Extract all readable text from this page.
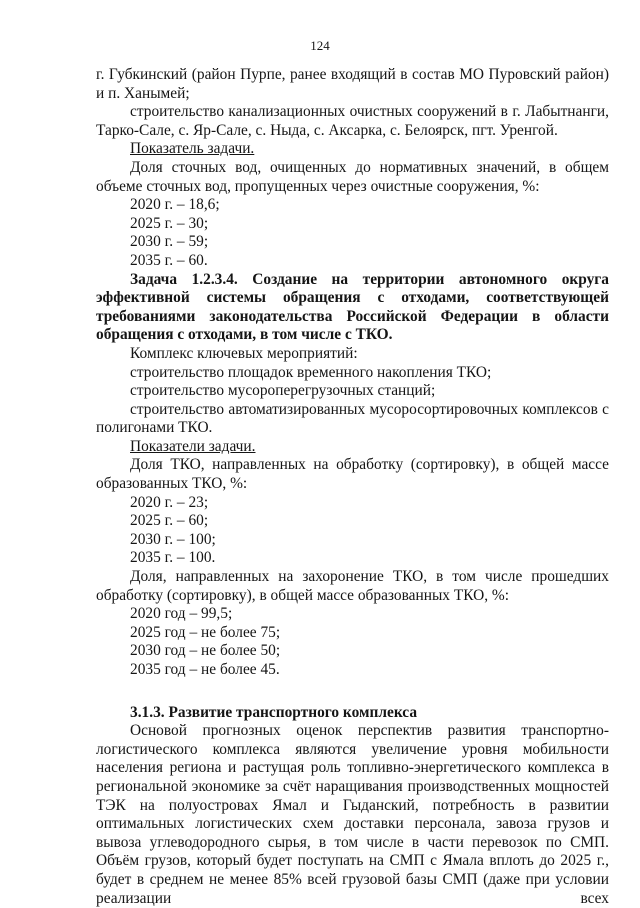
124

г. Губкинский (район Пурпе, ранее входящий в состав МО Пуровский район) и п. Ханымей;

строительство канализационных очистных сооружений в г. Лабытнанги, Тарко-Сале, с. Яр-Сале, с. Ныда, с. Аксарка, с. Белоярск, пгт. Уренгой.

Показатель задачи.

Доля сточных вод, очищенных до нормативных значений, в общем объеме сточных вод, пропущенных через очистные сооружения, %:

2020 г. – 18,6;

2025 г. – 30;

2030 г. – 59;

2035 г. – 60.

Задача 1.2.3.4. Создание на территории автономного округа эффективной системы обращения с отходами, соответствующей требованиями законодательства Российской Федерации в области обращения с отходами, в том числе с ТКО.

Комплекс ключевых мероприятий:

строительство площадок временного накопления ТКО;

строительство мусороперегрузочных станций;

строительство автоматизированных мусоросортировочных комплексов с полигонами ТКО.

Показатели задачи.

Доля ТКО, направленных на обработку (сортировку), в общей массе образованных ТКО, %:

2020 г. – 23;

2025 г. – 60;

2030 г. – 100;

2035 г. – 100.

Доля, направленных на захоронение ТКО, в том числе прошедших обработку (сортировку), в общей массе образованных ТКО, %:

2020 год – 99,5;

2025 год – не более 75;

2030 год – не более 50;

2035 год – не более 45.

3.1.3. Развитие транспортного комплекса

Основой прогнозных оценок перспектив развития транспортно-логистического комплекса являются увеличение уровня мобильности населения региона и растущая роль топливно-энергетического комплекса в региональной экономике за счёт наращивания производственных мощностей ТЭК на полуостровах Ямал и Гыданский, потребность в развитии оптимальных логистических схем доставки персонала, завоза грузов и вывоза углеводородного сырья, в том числе в части перевозок по СМП. Объём грузов, который будет поступать на СМП с Ямала вплоть до 2025 г., будет в среднем не менее 85% всей грузовой базы СМП (даже при условии реализации всех
